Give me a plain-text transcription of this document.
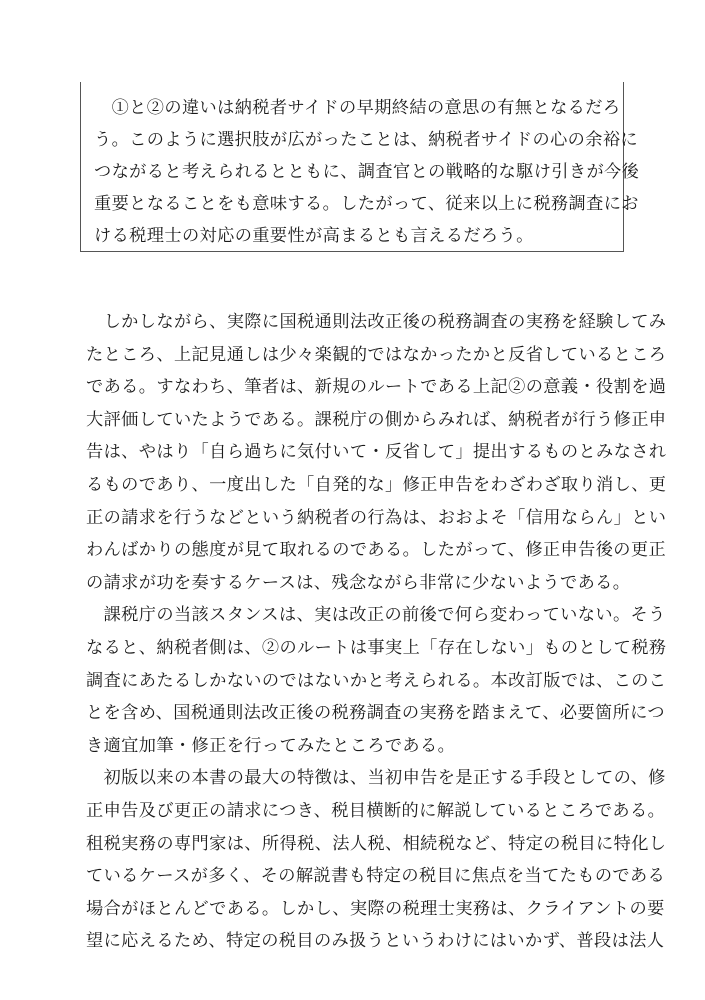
　①と②の違いは納税者サイドの早期終結の意思の有無となるだろ
う。このように選択肢が広がったことは、納税者サイドの心の余裕に
つながると考えられるとともに、調査官との戦略的な駆け引きが今後
重要となることをも意味する。したがって、従来以上に税務調査にお
ける税理士の対応の重要性が高まるとも言えるだろう。
　しかしながら、実際に国税通則法改正後の税務調査の実務を経験してみ
たところ、上記見通しは少々楽観的ではなかったかと反省しているところ
である。すなわち、筆者は、新規のルートである上記②の意義・役割を過
大評価していたようである。課税庁の側からみれば、納税者が行う修正申
告は、やはり「自ら過ちに気付いて・反省して」提出するものとみなされ
るものであり、一度出した「自発的な」修正申告をわざわざ取り消し、更
正の請求を行うなどという納税者の行為は、おおよそ「信用ならん」とい
わんばかりの態度が見て取れるのである。したがって、修正申告後の更正
の請求が功を奏するケースは、残念ながら非常に少ないようである。
　課税庁の当該スタンスは、実は改正の前後で何ら変わっていない。そう
なると、納税者側は、②のルートは事実上「存在しない」ものとして税務
調査にあたるしかないのではないかと考えられる。本改訂版では、このこ
とを含め、国税通則法改正後の税務調査の実務を踏まえて、必要箇所につ
き適宜加筆・修正を行ってみたところである。
　初版以来の本書の最大の特徴は、当初申告を是正する手段としての、修
正申告及び更正の請求につき、税目横断的に解説しているところである。
租税実務の専門家は、所得税、法人税、相続税など、特定の税目に特化し
ているケースが多く、その解説書も特定の税目に焦点を当てたものである
場合がほとんどである。しかし、実際の税理士実務は、クライアントの要
望に応えるため、特定の税目のみ扱うというわけにはいかず、普段は法人
